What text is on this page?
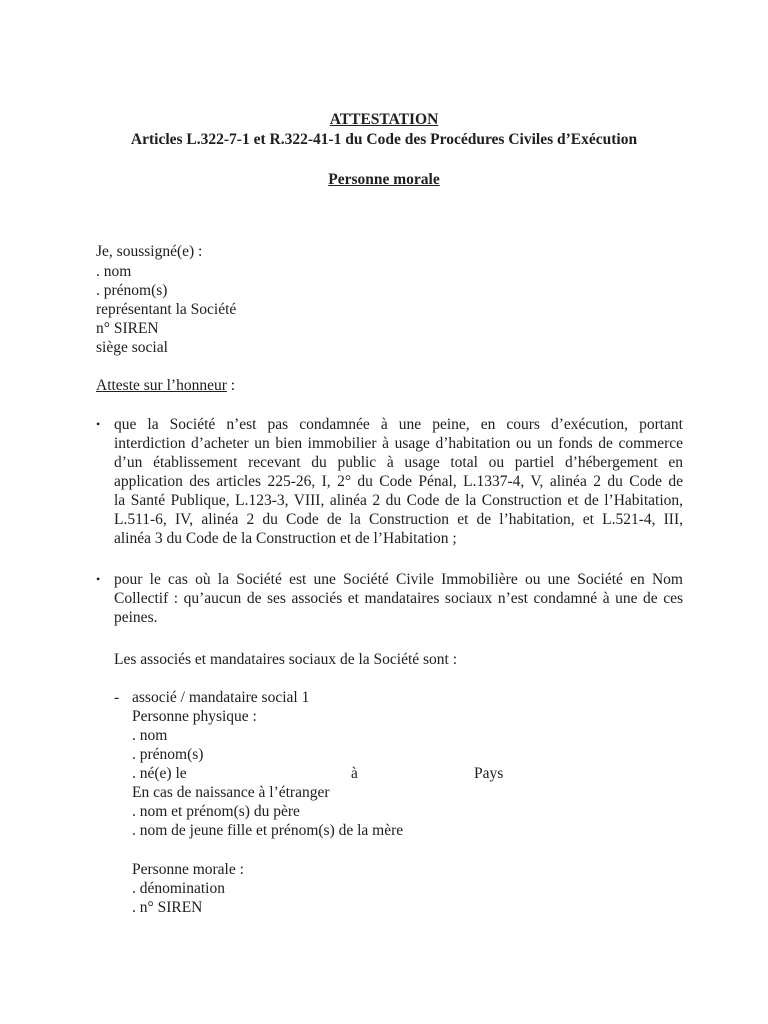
ATTESTATION
Articles L.322-7-1 et R.322-41-1 du Code des Procédures Civiles d’Exécution
Personne morale
Je, soussigné(e) :
. nom
. prénom(s)
représentant la Société
n° SIREN
siège social
Atteste sur l’honneur :
• que la Société n’est pas condamnée à une peine, en cours d’exécution, portant
interdiction d’acheter un bien immobilier à usage d’habitation ou un fonds de commerce
d’un établissement recevant du public à usage total ou partiel d’hébergement en
application des articles 225-26, I, 2° du Code Pénal, L.1337-4, V, alinéa 2 du Code de
la Santé Publique, L.123-3, VIII, alinéa 2 du Code de la Construction et de l’Habitation,
L.511-6, IV, alinéa 2 du Code de la Construction et de l’habitation, et L.521-4, III,
alinéa 3 du Code de la Construction et de l’Habitation ;
• pour le cas où la Société est une Société Civile Immobilière ou une Société en Nom
Collectif : qu’aucun de ses associés et mandataires sociaux n’est condamné à une de ces
peines.
Les associés et mandataires sociaux de la Société sont :
- associé / mandataire social 1
Personne physique :
. nom
. prénom(s)
. né(e) le	à	Pays
En cas de naissance à l’étranger
. nom et prénom(s) du père
. nom de jeune fille et prénom(s) de la mère
Personne morale :
. dénomination
. n° SIREN
